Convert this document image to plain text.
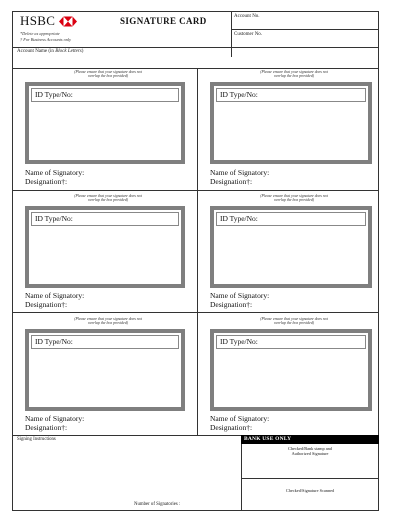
HSBC	SIGNATURE CARD
*Delete as appropriate
† For Business Accounts only
Account No.
Customer No.
Account Name (in Block Letters)
(Please ensure that your signature does not
overlap the box provided)
ID Type/No:
Name of Signatory:
Designation†:
(Please ensure that your signature does not
overlap the box provided)
ID Type/No:
Name of Signatory:
Designation†:
(Please ensure that your signature does not
overlap the box provided)
ID Type/No:
Name of Signatory:
Designation†:
(Please ensure that your signature does not
overlap the box provided)
ID Type/No:
Name of Signatory:
Designation†:
(Please ensure that your signature does not
overlap the box provided)
ID Type/No:
Name of Signatory:
Designation†:
(Please ensure that your signature does not
overlap the box provided)
ID Type/No:
Name of Signatory:
Designation†:
Signing Instructions
Number of Signatories :
BANK USE ONLY
Checked/Bank stamp and
Authorized Signature
Checked/Signature Scanned
